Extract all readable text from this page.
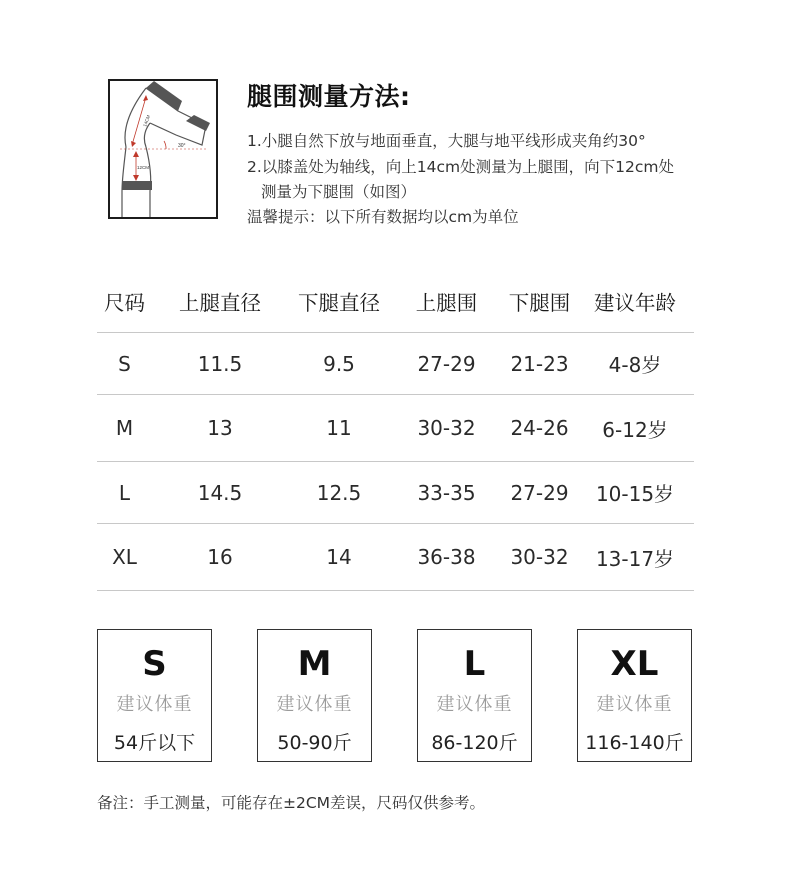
14CM
12CM
30°
腿围测量方法:
1.小腿自然下放与地面垂直，大腿与地平线形成夹角约30°
2.以膝盖处为轴线，向上14cm处测量为上腿围，向下12cm处
测量为下腿围（如图）
温馨提示：以下所有数据均以cm为单位
尺码	上腿直径	下腿直径	上腿围	下腿围	建议年龄
S	11.5	9.5	27-29	21-23	4-8岁
M	13	11	30-32	24-26	6-12岁
L	14.5	12.5	33-35	27-29	10-15岁
XL	16	14	36-38	30-32	13-17岁
S
建议体重
54斤以下
M
建议体重
50-90斤
L
建议体重
86-120斤
XL
建议体重
116-140斤
备注：手工测量，可能存在±2CM差误，尺码仅供参考。
